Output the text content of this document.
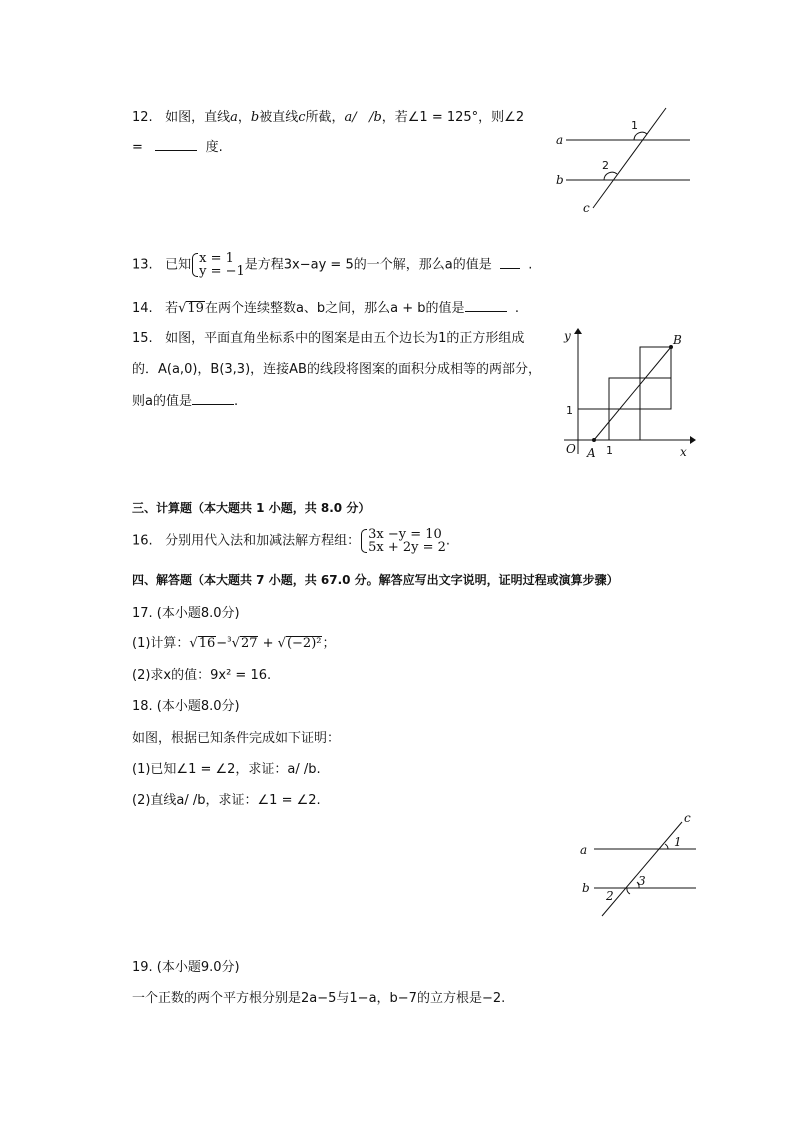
12. 如图，直线a，b被直线c所截，a/ /b，若∠1 = 125°，则∠2
=	度.	a
b
c
1
2
13. 已知 x = 1
y = −1 是方程3x−ay = 5的一个解，那么a的值是	.
14. 若√19在两个连续整数a、b之间，那么a + b的值是	.
15. 如图，平面直角坐标系中的图案是由五个边长为1的正方形组成
的．A(a,0)，B(3,3)，连接AB的线段将图案的面积分成相等的两部分，
则a的值是	.
y
x
O A
B
1
1
三、计算题（本大题共 1 小题，共 8.0 分）
16. 分别用代入法和加减法解方程组： 3x −y = 10
5x + 2y = 2 .
四、解答题（本大题共 7 小题，共 67.0 分。解答应写出文字说明，证明过程或演算步骤）
17. (本小题8.0分)
(1)计算：√16−$^3$√27 + √(−2)²；
(2)求x的值：9x² = 16.
18. (本小题8.0分)
如图，根据已知条件完成如下证明：
(1)已知∠1 = ∠2，求证：a/ /b.
(2)直线a/ /b，求证：∠1 = ∠2.
a
b
c
1
2
3
19. (本小题9.0分)
一个正数的两个平方根分别是2a−5与1−a，b−7的立方根是−2.
